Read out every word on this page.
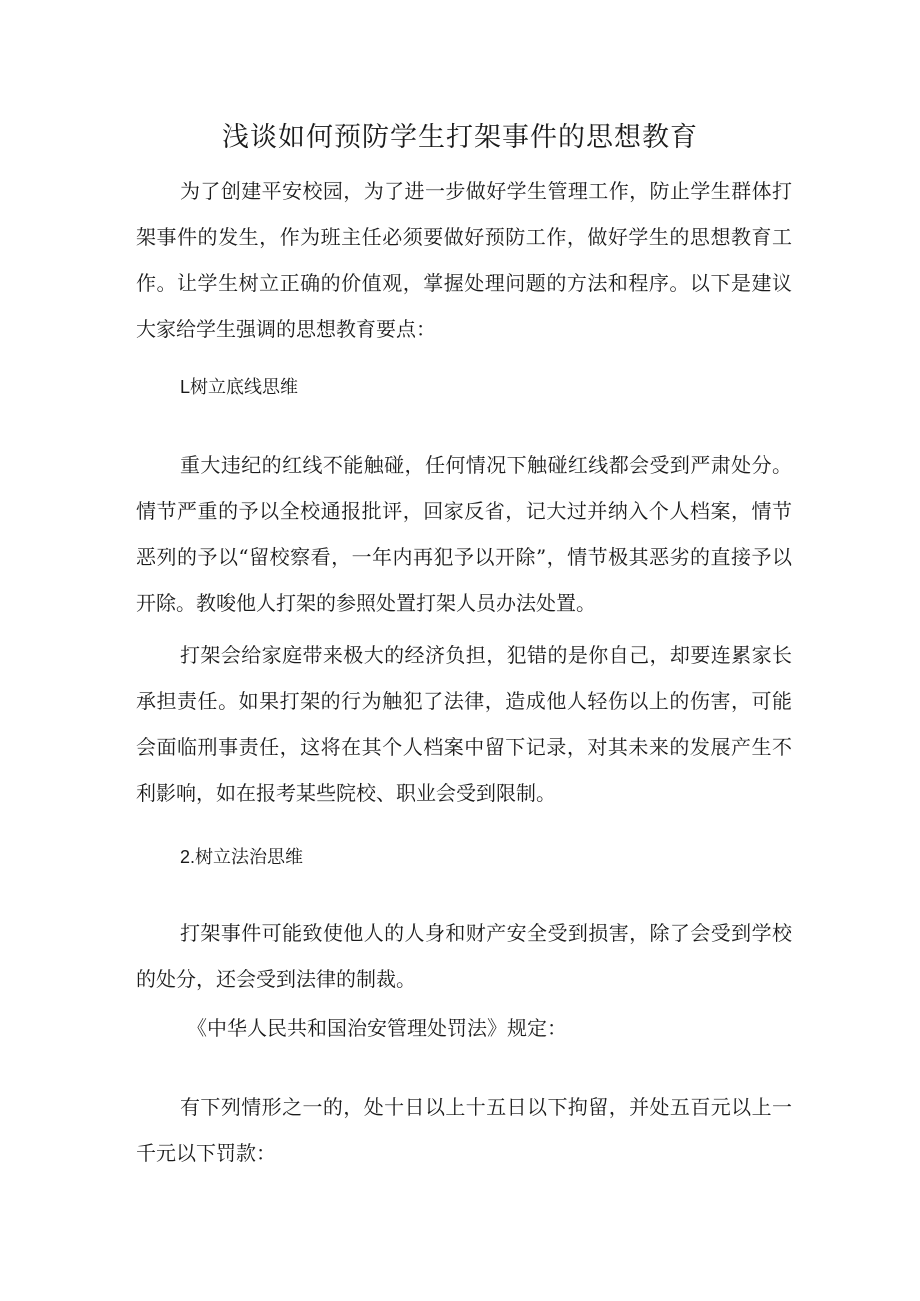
浅谈如何预防学生打架事件的思想教育

为了创建平安校园，为了进一步做好学生管理工作，防止学生群体打架事件的发生，作为班主任必须要做好预防工作，做好学生的思想教育工作。让学生树立正确的价值观，掌握处理问题的方法和程序。以下是建议大家给学生强调的思想教育要点：

L树立底线思维

重大违纪的红线不能触碰，任何情况下触碰红线都会受到严肃处分。情节严重的予以全校通报批评，回家反省，记大过并纳入个人档案，情节恶列的予以“留校察看，一年内再犯予以开除”，情节极其恶劣的直接予以开除。教唆他人打架的参照处置打架人员办法处置。

打架会给家庭带来极大的经济负担，犯错的是你自己，却要连累家长承担责任。如果打架的行为触犯了法律，造成他人轻伤以上的伤害，可能会面临刑事责任，这将在其个人档案中留下记录，对其未来的发展产生不利影响，如在报考某些院校、职业会受到限制。

2.树立法治思维

打架事件可能致使他人的人身和财产安全受到损害，除了会受到学校的处分，还会受到法律的制裁。

《中华人民共和国治安管理处罚法》规定：

有下列情形之一的，处十日以上十五日以下拘留，并处五百元以上一千元以下罚款：
